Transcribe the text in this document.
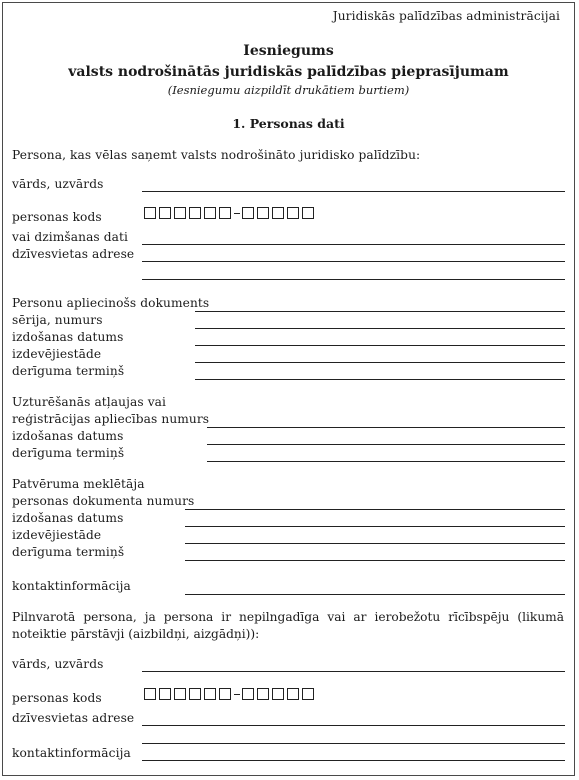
Juridiskās palīdzības administrācijai
Iesniegums
valsts nodrošinātās juridiskās palīdzības pieprasījumam
(Iesniegumu aizpildīt drukātiem burtiem)
1. Personas dati
Persona, kas vēlas saņemt valsts nodrošināto juridisko palīdzību:
vārds, uzvārds
personas kods
vai dzimšanas dati
dzīvesvietas adrese
Personu apliecinošs dokuments
sērija, numurs
izdošanas datums
izdevējiestāde
derīguma termiņš
Uzturēšanās atļaujas vai
reģistrācijas apliecības numurs
izdošanas datums
derīguma termiņš
Patvēruma meklētāja
personas dokumenta numurs
izdošanas datums
izdevējiestāde
derīguma termiņš
kontaktinformācija
Pilnvarotā persona, ja persona ir nepilngadīga vai ar ierobežotu rīcībspēju (likumā noteiktie pārstāvji (aizbildņi, aizgādņi)):
vārds, uzvārds
personas kods
dzīvesvietas adrese
kontaktinformācija
